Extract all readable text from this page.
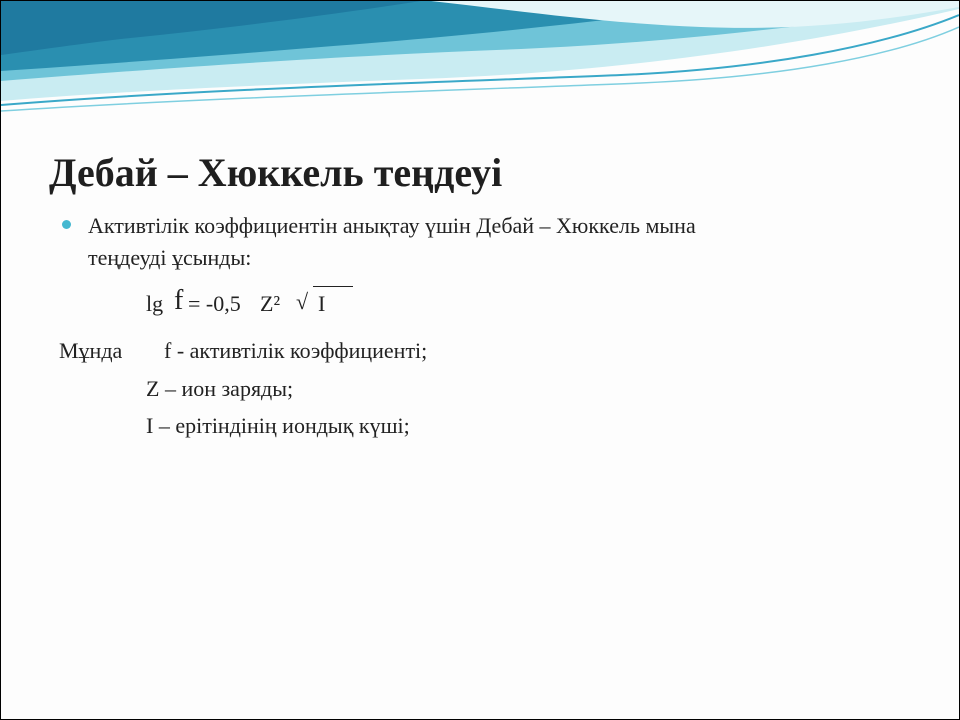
Дебай – Хюккель теңдеуі
Активтілік коэффициентін анықтау үшін Дебай – Хюккель мына
теңдеуді ұсынды:
lg f = -0,5 Z² √ I
Мұнда f - активтілік коэффициенті;
Z – ион заряды;
I – ерітіндінің иондық күші;
